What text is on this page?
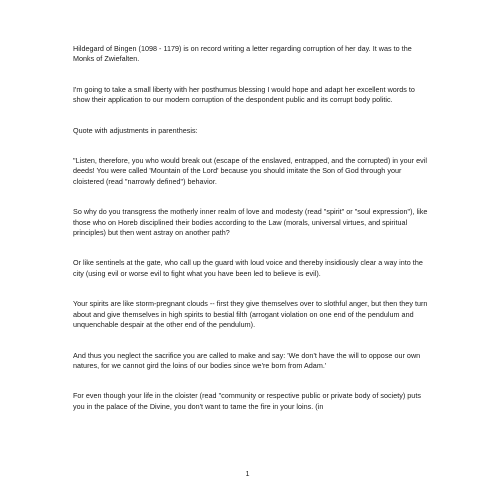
Hildegard of Bingen (1098 - 1179) is on record writing a letter regarding corruption of her day. It was to the Monks of Zwiefalten.

I'm going to take a small liberty with her posthumus blessing I would hope and adapt her excellent words to show their application to our modern corruption of the despondent public and its corrupt body politic.

Quote with adjustments in parenthesis:

"Listen, therefore, you who would break out (escape of the enslaved, entrapped, and the corrupted) in your evil deeds! You were called 'Mountain of the Lord' because you should imitate the Son of God through your cloistered (read "narrowly defined") behavior.

So why do you transgress the motherly inner realm of love and modesty (read "spirit" or "soul expression"), like those who on Horeb disciplined their bodies according to the Law (morals, universal virtues, and spiritual principles) but then went astray on another path?

Or like sentinels at the gate, who call up the guard with loud voice and thereby insidiously clear a way into the city (using evil or worse evil to fight what you have been led to believe is evil).

Your spirits are like storm-pregnant clouds -- first they give themselves over to slothful anger, but then they turn about and give themselves in high spirits to bestial filth (arrogant violation on one end of the pendulum and unquenchable despair at the other end of the pendulum).

And thus you neglect the sacrifice you are called to make and say: 'We don't have the will to oppose our own natures, for we cannot gird the loins of our bodies since we're born from Adam.'

For even though your life in the cloister (read "community or respective public or private body of society) puts you in the palace of the Divine, you don't want to tame the fire in your loins. (in

1
